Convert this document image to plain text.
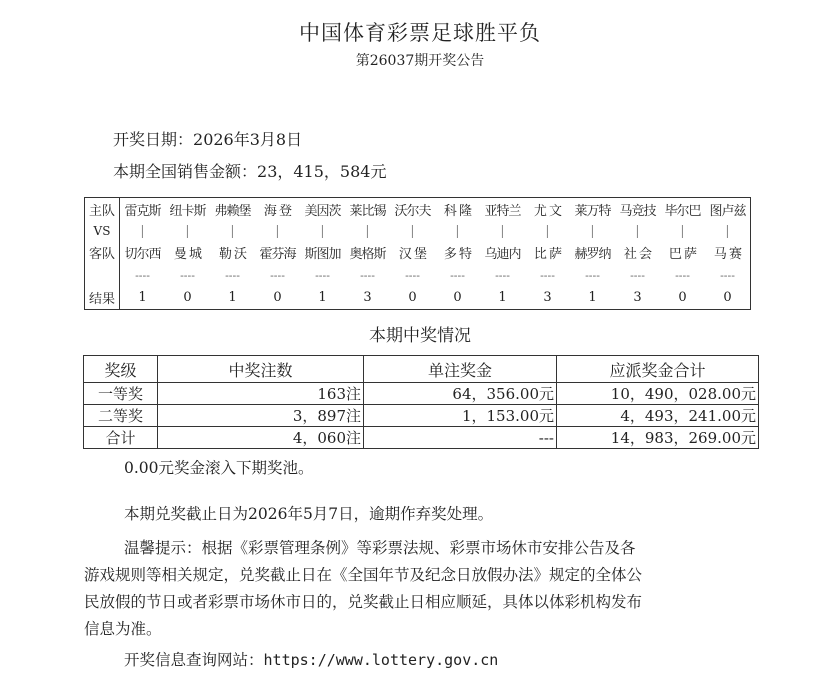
中国体育彩票足球胜平负
第26037期开奖公告
开奖日期：2026年3月8日
本期全国销售金额：23，415，584元
主队	雷克斯	纽卡斯	弗赖堡	海 登	美因茨	莱比锡	沃尔夫	科 隆	亚特兰	尤 文	莱万特	马竞技	毕尔巴	图卢兹
VS	|	|	|	|	|	|	|	|	|	|	|	|	|	|
客队	切尔西	曼 城	勒 沃	霍芬海	斯图加	奥格斯	汉 堡	多 特	乌迪内	比 萨	赫罗纳	社 会	巴 萨	马 赛
	----	----	----	----	----	----	----	----	----	----	----	----	----	----
结果	1	0	1	0	1	3	0	0	1	3	1	3	0	0
本期中奖情况
奖级	中奖注数	单注奖金	应派奖金合计
一等奖	163注	64，356.00元	10，490，028.00元
二等奖	3，897注	1，153.00元	4，493，241.00元
合计	4，060注	---	14，983，269.00元
0.00元奖金滚入下期奖池。
本期兑奖截止日为2026年5月7日，逾期作弃奖处理。
温馨提示：根据《彩票管理条例》等彩票法规、彩票市场休市安排公告及各
游戏规则等相关规定，兑奖截止日在《全国年节及纪念日放假办法》规定的全体公
民放假的节日或者彩票市场休市日的，兑奖截止日相应顺延，具体以体彩机构发布
信息为准。
开奖信息查询网站：https://www.lottery.gov.cn
